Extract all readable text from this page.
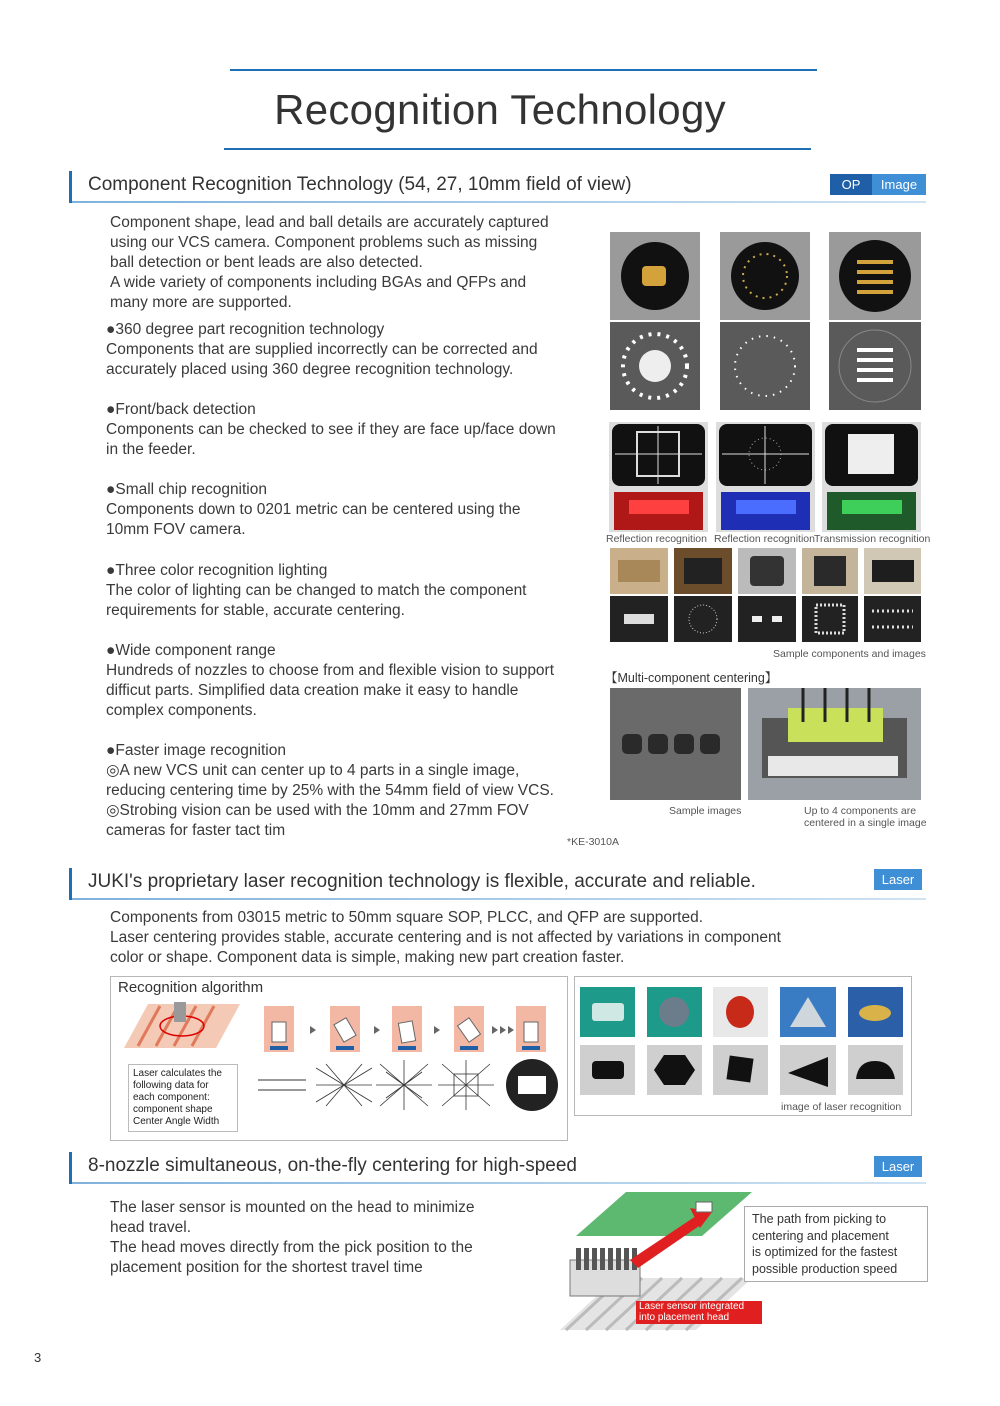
Recognition Technology
Component Recognition Technology (54, 27, 10mm field of view)	OP	Image
Component shape, lead and ball details are accurately captured
using our VCS camera. Component problems such as missing
ball detection or bent leads are also detected.
A wide variety of components including BGAs and QFPs and
many more are supported.
●360 degree part recognition technology
Components that are supplied incorrectly can be corrected and
accurately placed using 360 degree recognition technology.
●Front/back detection
Components can be checked to see if they are face up/face down
in the feeder.
●Small chip recognition
Components down to 0201 metric can be centered using the
10mm FOV camera.
●Three color recognition lighting
The color of lighting can be changed to match the component
requirements for stable, accurate centering.
●Wide component range
Hundreds of nozzles to choose from and flexible vision to support
difficut parts. Simplified data creation make it easy to handle
complex components.
●Faster image recognition
◎A new VCS unit can center up to 4 parts in a single image,
reducing centering time by 25% with the 54mm field of view VCS.
◎Strobing vision can be used with the 10mm and 27mm FOV
cameras for faster tact tim
Reflection recognition Reflection recognition Transmission recognition
Sample components and images
【Multi-component centering】
Sample images	Up to 4 components are
centered in a single image
*KE-3010A
JUKI's proprietary laser recognition technology is flexible, accurate and reliable.	Laser
Components from 03015 metric to 50mm square SOP, PLCC, and QFP are supported.
Laser centering provides stable, accurate centering and is not affected by variations in component
color or shape. Component data is simple, making new part creation faster.
Recognition algorithm
Laser calculates the
following data for
each component:
component shape
Center Angle Width
image of laser recognition
8-nozzle simultaneous, on-the-fly centering for high-speed	Laser
The laser sensor is mounted on the head to minimize
head travel.
The head moves directly from the pick position to the
placement position for the shortest travel time
The path from picking to
centering and placement
is optimized for the fastest
possible production speed
Laser sensor integrated
into placement head
3
